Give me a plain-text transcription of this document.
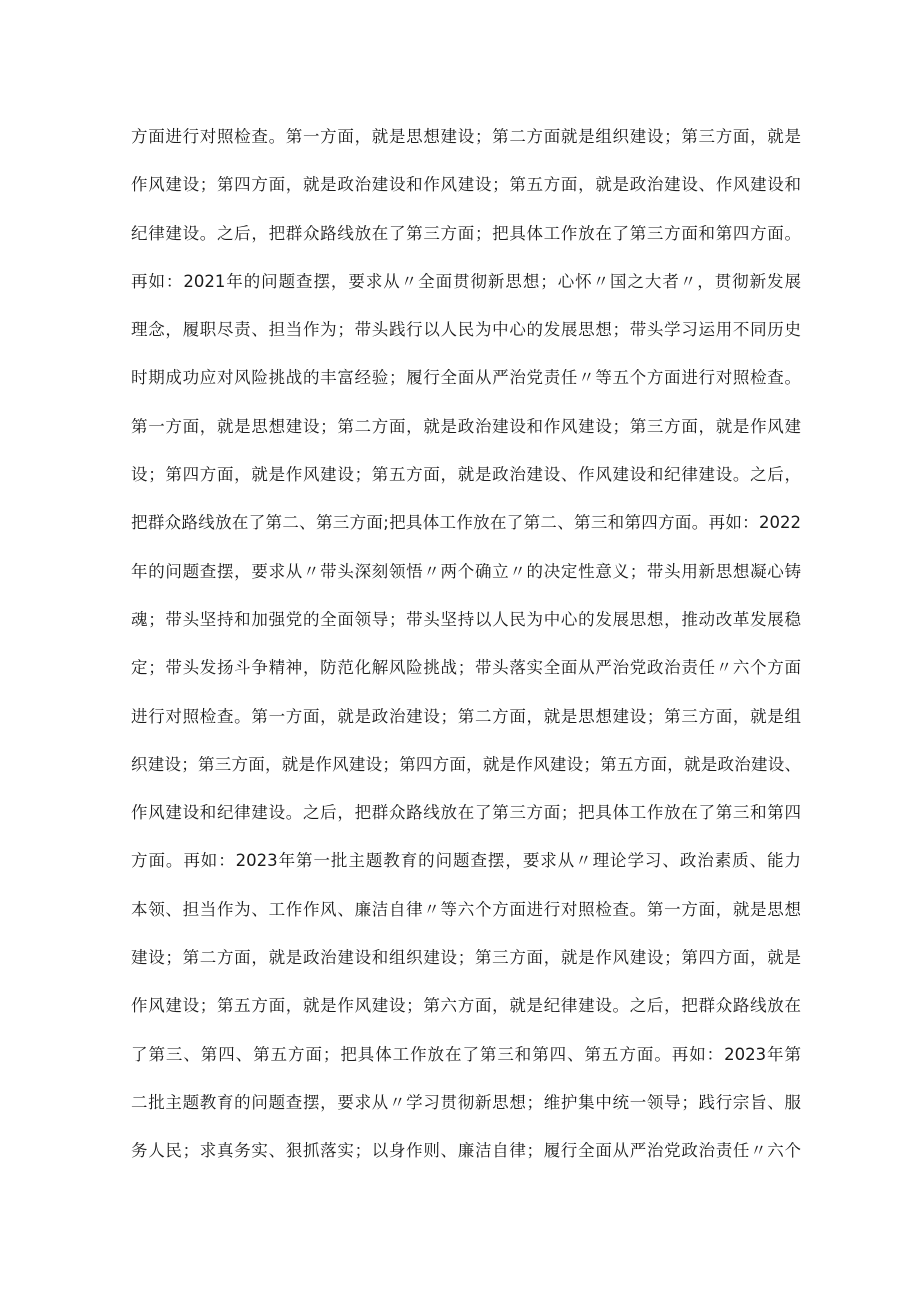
方面进行对照检查。第一方面，就是思想建设；第二方面就是组织建设；第三方面，就是
作风建设；第四方面，就是政治建设和作风建设；第五方面，就是政治建设、作风建设和
纪律建设。之后，把群众路线放在了第三方面；把具体工作放在了第三方面和第四方面。
再如：2021年的问题查摆，要求从〃全面贯彻新思想；心怀〃国之大者〃，贯彻新发展
理念，履职尽责、担当作为；带头践行以人民为中心的发展思想；带头学习运用不同历史
时期成功应对风险挑战的丰富经验；履行全面从严治党责任〃等五个方面进行对照检查。
第一方面，就是思想建设；第二方面，就是政治建设和作风建设；第三方面，就是作风建
设；第四方面，就是作风建设；第五方面，就是政治建设、作风建设和纪律建设。之后，
把群众路线放在了第二、第三方面;把具体工作放在了第二、第三和第四方面。再如：2022
年的问题查摆，要求从〃带头深刻领悟〃两个确立〃的决定性意义；带头用新思想凝心铸
魂；带头坚持和加强党的全面领导；带头坚持以人民为中心的发展思想，推动改革发展稳
定；带头发扬斗争精神，防范化解风险挑战；带头落实全面从严治党政治责任〃六个方面
进行对照检查。第一方面，就是政治建设；第二方面，就是思想建设；第三方面，就是组
织建设；第三方面，就是作风建设；第四方面，就是作风建设；第五方面，就是政治建设、
作风建设和纪律建设。之后，把群众路线放在了第三方面；把具体工作放在了第三和第四
方面。再如：2023年第一批主题教育的问题查摆，要求从〃理论学习、政治素质、能力
本领、担当作为、工作作风、廉洁自律〃等六个方面进行对照检查。第一方面，就是思想
建设；第二方面，就是政治建设和组织建设；第三方面，就是作风建设；第四方面，就是
作风建设；第五方面，就是作风建设；第六方面，就是纪律建设。之后，把群众路线放在
了第三、第四、第五方面；把具体工作放在了第三和第四、第五方面。再如：2023年第
二批主题教育的问题查摆，要求从〃学习贯彻新思想；维护集中统一领导；践行宗旨、服
务人民；求真务实、狠抓落实；以身作则、廉洁自律；履行全面从严治党政治责任〃六个
